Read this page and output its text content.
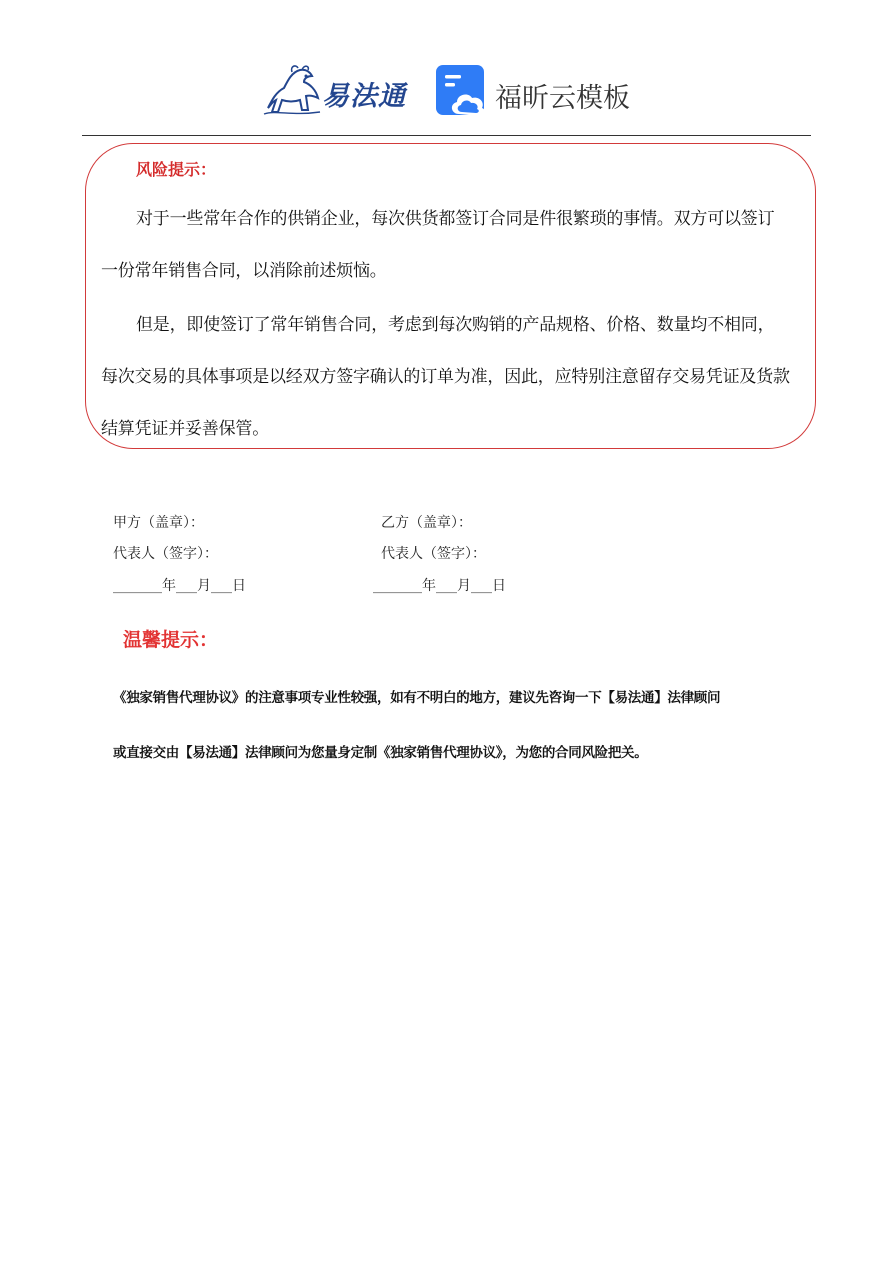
易法通	福昕云模板
风险提示：

对于一些常年合作的供销企业，每次供货都签订合同是件很繁琐的事情。双方可以签订一份常年销售合同，以消除前述烦恼。

但是，即使签订了常年销售合同，考虑到每次购销的产品规格、价格、数量均不相同，每次交易的具体事项是以经双方签字确认的订单为准，因此，应特别注意留存交易凭证及货款结算凭证并妥善保管。

甲方（盖章）：	乙方（盖章）：
代表人（签字）：	代表人（签字）：
_______年___月___日	_______年___月___日
温馨提示：

《独家销售代理协议》的注意事项专业性较强，如有不明白的地方，建议先咨询一下【易法通】法律顾问

或直接交由【易法通】法律顾问为您量身定制《独家销售代理协议》，为您的合同风险把关。
